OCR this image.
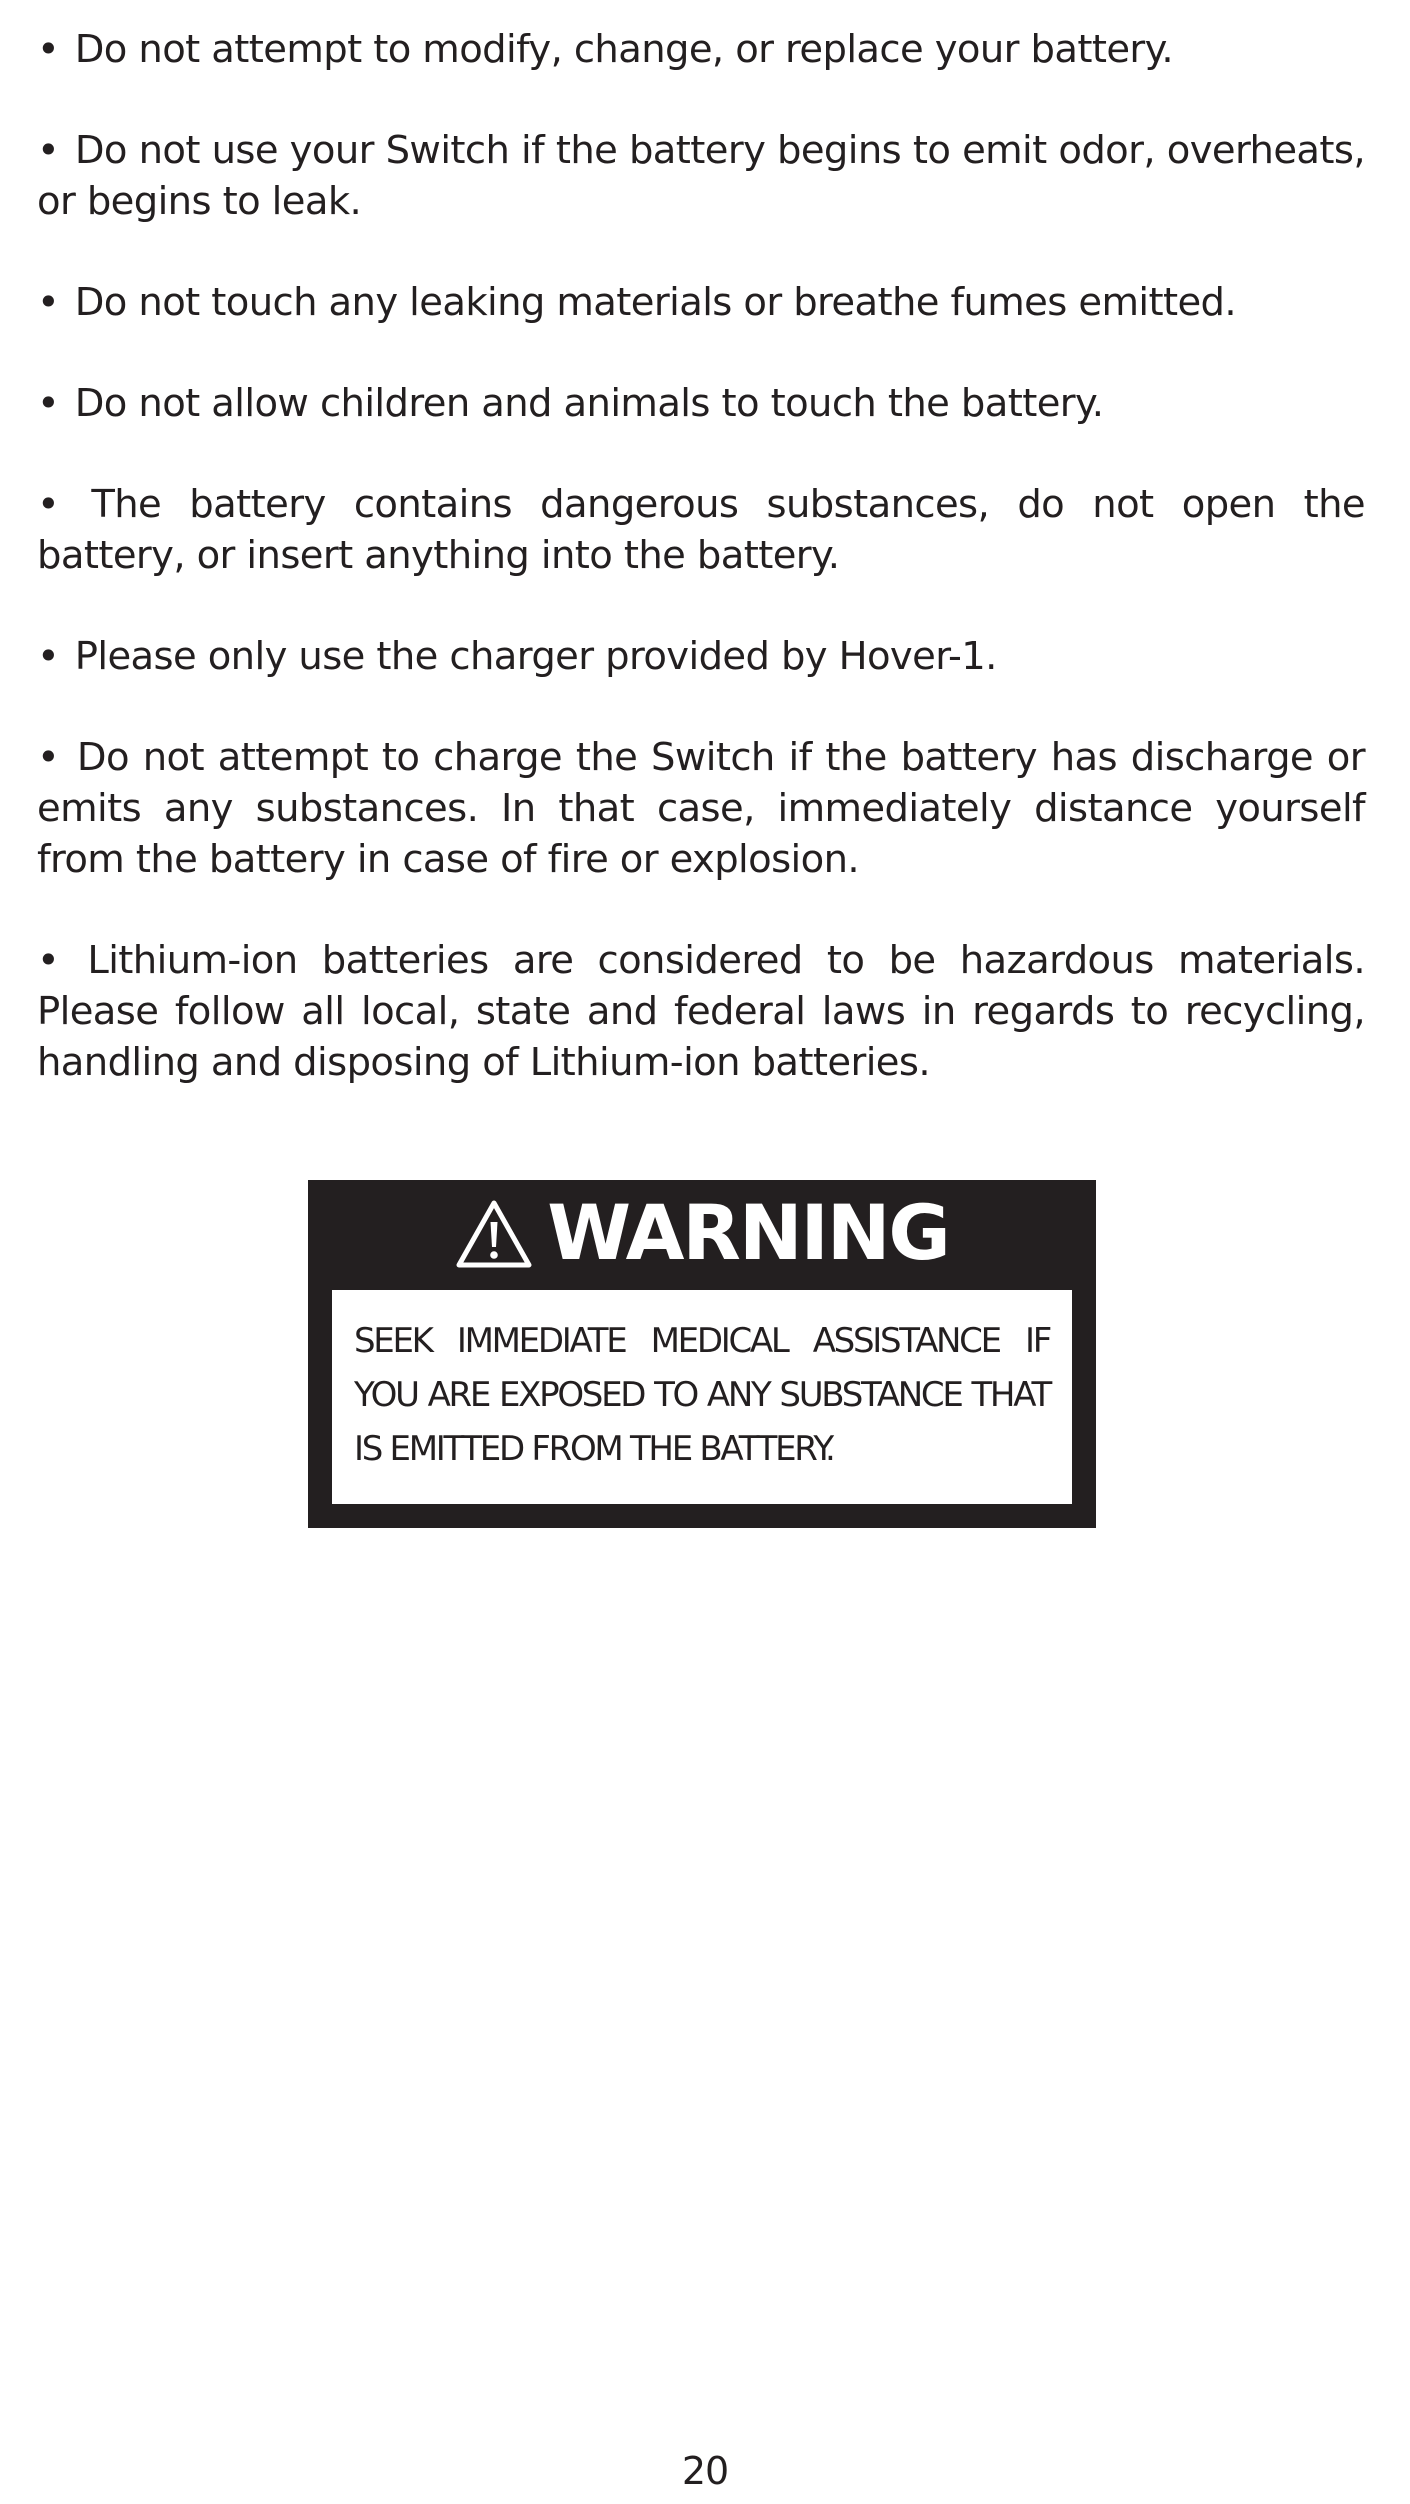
• Do not attempt to modify, change, or replace your battery.
• Do not use your Switch if the battery begins to emit odor, overheats, or begins to leak.
• Do not touch any leaking materials or breathe fumes emitted.
• Do not allow children and animals to touch the battery.
• The battery contains dangerous substances, do not open the battery, or insert anything into the battery.
• Please only use the charger provided by Hover-1.
• Do not attempt to charge the Switch if the battery has discharge or emits any substances. In that case, immediately distance yourself from the battery in case of fire or explosion.
• Lithium-ion batteries are considered to be hazardous materials. Please follow all local, state and federal laws in regards to recycling, handling and disposing of Lithium-ion batteries.
WARNING

SEEK IMMEDIATE MEDICAL ASSISTANCE IF YOU ARE EXPOSED TO ANY SUBSTANCE THAT IS EMITTED FROM THE BATTERY.

20
